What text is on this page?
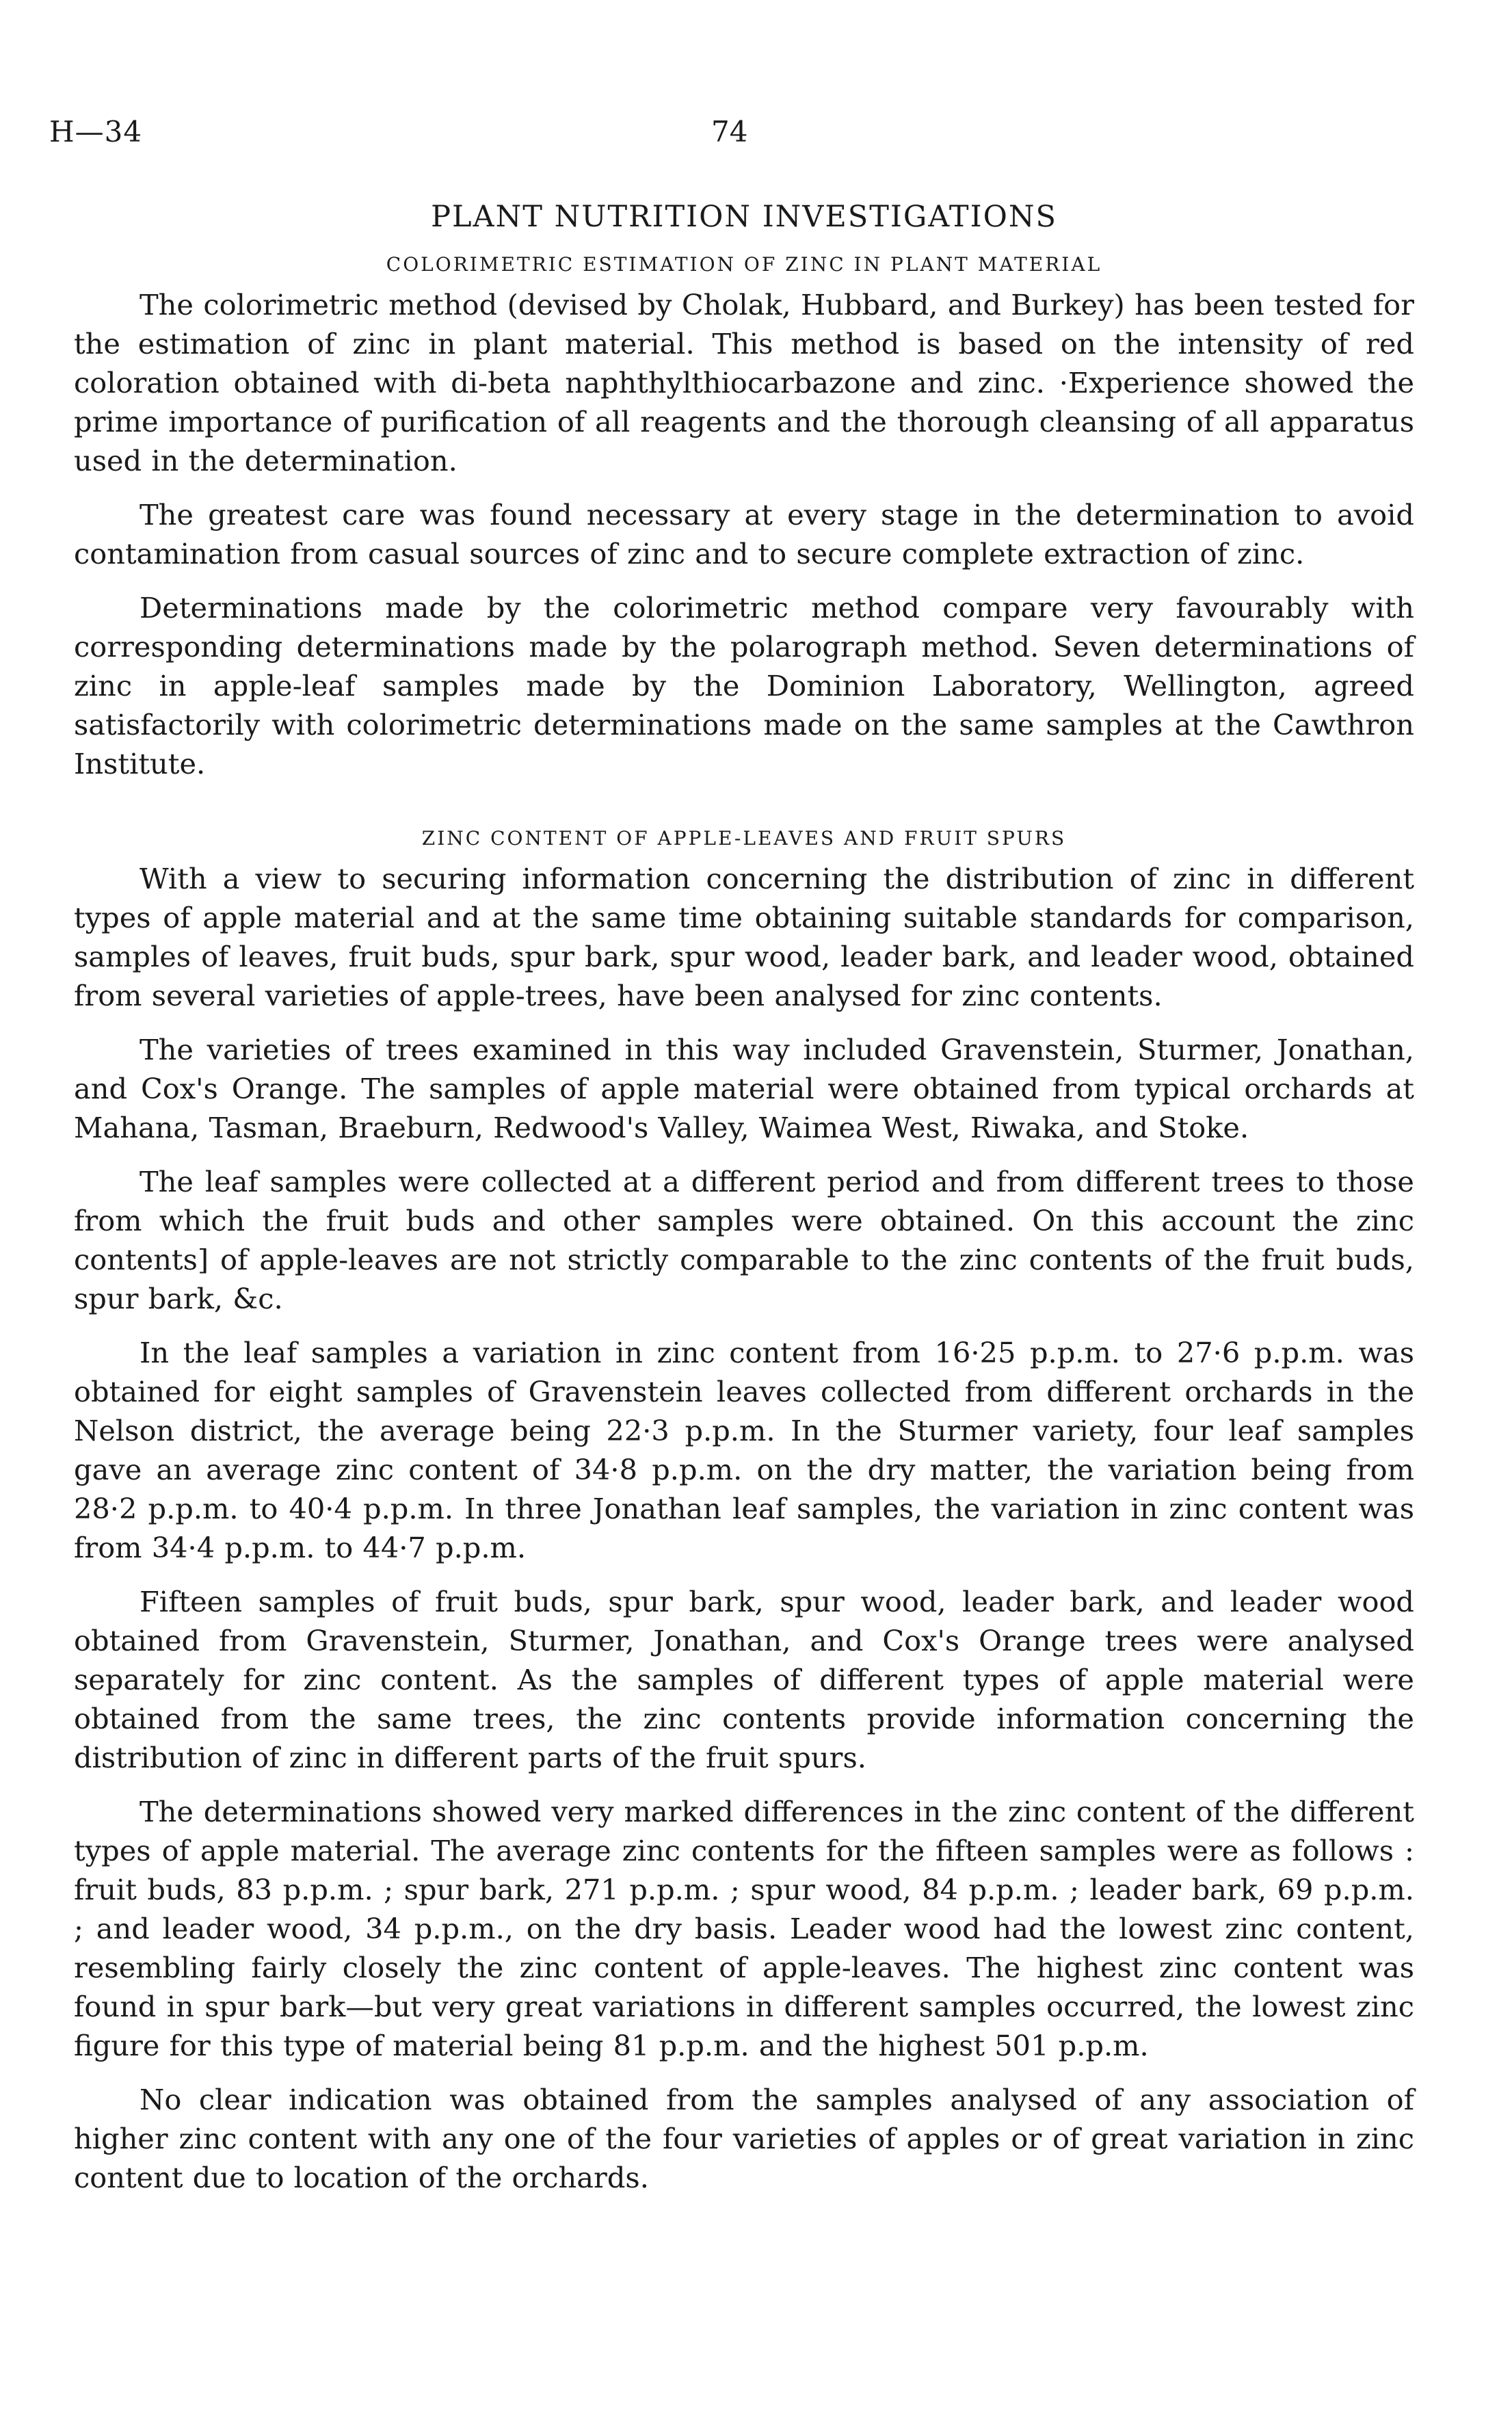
H—34	74
PLANT NUTRITION INVESTIGATIONS
COLORIMETRIC ESTIMATION OF ZINC IN PLANT MATERIAL

The colorimetric method (devised by Cholak, Hubbard, and Burkey) has been tested for the estimation of zinc in plant material. This method is based on the intensity of red coloration obtained with di-beta naphthylthiocarbazone and zinc. ·Experience showed the prime importance of purification of all reagents and the thorough cleansing of all apparatus used in the determination.

The greatest care was found necessary at every stage in the determination to avoid contamination from casual sources of zinc and to secure complete extraction of zinc.

Determinations made by the colorimetric method compare very favourably with corresponding determinations made by the polarograph method. Seven determinations of zinc in apple-leaf samples made by the Dominion Laboratory, Wellington, agreed satisfactorily with colorimetric determinations made on the same samples at the Cawthron Institute.

ZINC CONTENT OF APPLE-LEAVES AND FRUIT SPURS

With a view to securing information concerning the distribution of zinc in different types of apple material and at the same time obtaining suitable standards for comparison, samples of leaves, fruit buds, spur bark, spur wood, leader bark, and leader wood, obtained from several varieties of apple-trees, have been analysed for zinc contents.

The varieties of trees examined in this way included Gravenstein, Sturmer, Jonathan, and Cox's Orange. The samples of apple material were obtained from typical orchards at Mahana, Tasman, Braeburn, Redwood's Valley, Waimea West, Riwaka, and Stoke.

The leaf samples were collected at a different period and from different trees to those from which the fruit buds and other samples were obtained. On this account the zinc contents] of apple-leaves are not strictly comparable to the zinc contents of the fruit buds, spur bark, &c.

In the leaf samples a variation in zinc content from 16·25 p.p.m. to 27·6 p.p.m. was obtained for eight samples of Gravenstein leaves collected from different orchards in the Nelson district, the average being 22·3 p.p.m. In the Sturmer variety, four leaf samples gave an average zinc content of 34·8 p.p.m. on the dry matter, the variation being from 28·2 p.p.m. to 40·4 p.p.m. In three Jonathan leaf samples, the variation in zinc content was from 34·4 p.p.m. to 44·7 p.p.m.

Fifteen samples of fruit buds, spur bark, spur wood, leader bark, and leader wood obtained from Gravenstein, Sturmer, Jonathan, and Cox's Orange trees were analysed separately for zinc content. As the samples of different types of apple material were obtained from the same trees, the zinc contents provide information concerning the distribution of zinc in different parts of the fruit spurs.

The determinations showed very marked differences in the zinc content of the different types of apple material. The average zinc contents for the fifteen samples were as follows : fruit buds, 83 p.p.m. ; spur bark, 271 p.p.m. ; spur wood, 84 p.p.m. ; leader bark, 69 p.p.m. ; and leader wood, 34 p.p.m., on the dry basis. Leader wood had the lowest zinc content, resembling fairly closely the zinc content of apple-leaves. The highest zinc content was found in spur bark—but very great variations in different samples occurred, the lowest zinc figure for this type of material being 81 p.p.m. and the highest 501 p.p.m.

No clear indication was obtained from the samples analysed of any association of higher zinc content with any one of the four varieties of apples or of great variation in zinc content due to location of the orchards.
